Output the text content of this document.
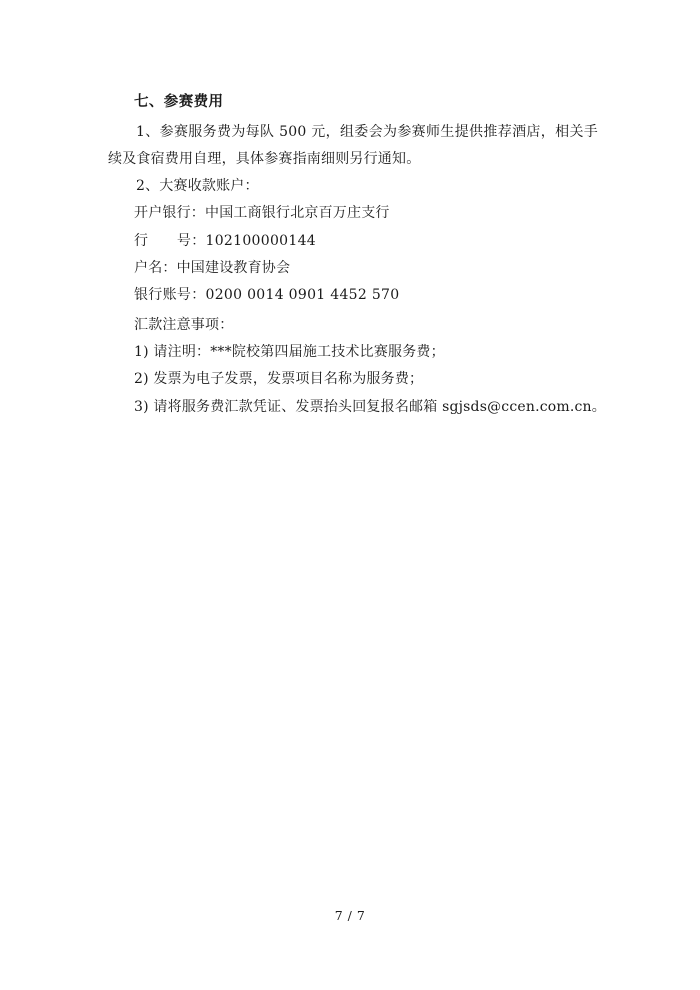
七、参赛费用

1、参赛服务费为每队 500 元，组委会为参赛师生提供推荐酒店，相关手续及食宿费用自理，具体参赛指南细则另行通知。

2、大赛收款账户：

开户银行：中国工商银行北京百万庄支行
行　　号：102100000144
户名：中国建设教育协会
银行账号：0200 0014 0901 4452 570
汇款注意事项：
1) 请注明：***院校第四届施工技术比赛服务费；
2) 发票为电子发票，发票项目名称为服务费；
3) 请将服务费汇款凭证、发票抬头回复报名邮箱 sgjsds@ccen.com.cn。
7 / 7
